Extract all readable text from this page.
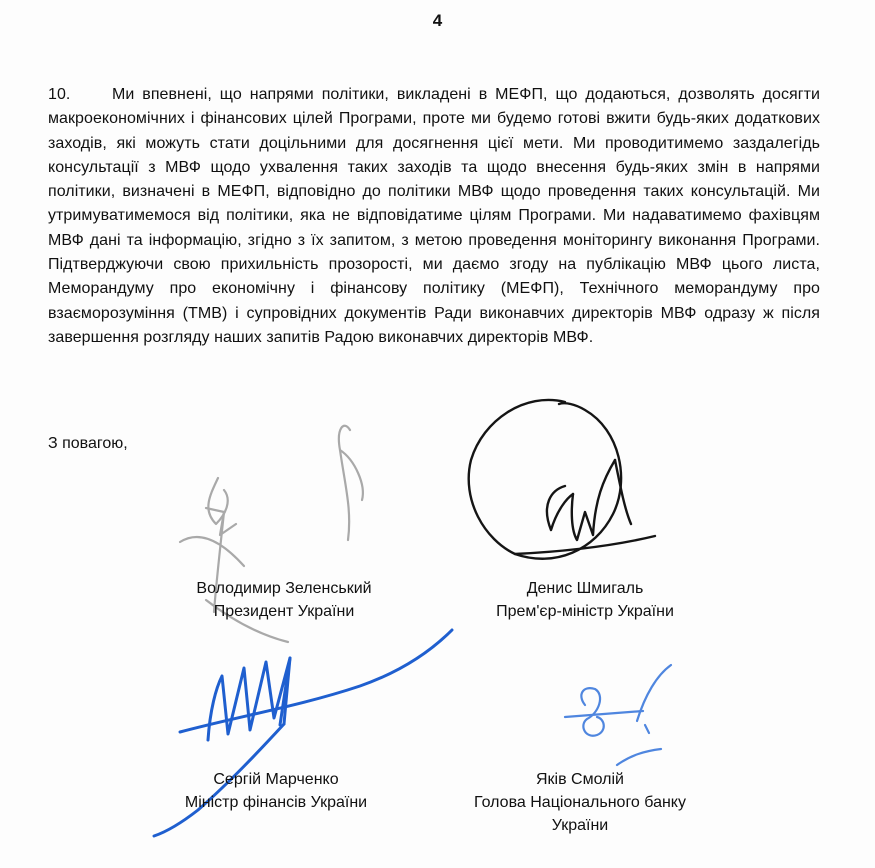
4
10.	Ми впевнені, що напрями політики, викладені в МЕФП, що додаються, дозволять досягти макроекономічних і фінансових цілей Програми, проте ми будемо готові вжити будь-яких додаткових заходів, які можуть стати доцільними для досягнення цієї мети. Ми проводитимемо заздалегідь консультації з МВФ щодо ухвалення таких заходів та щодо внесення будь-яких змін в напрями політики, визначені в МЕФП, відповідно до політики МВФ щодо проведення таких консультацій. Ми утримуватимемося від політики, яка не відповідатиме цілям Програми. Ми надаватимемо фахівцям МВФ дані та інформацію, згідно з їх запитом, з метою проведення моніторингу виконання Програми. Підтверджуючи свою прихильність прозорості, ми даємо згоду на публікацію МВФ цього листа, Меморандуму про економічну і фінансову політику (МЕФП), Технічного меморандуму про взаєморозуміння (ТМВ) і супровідних документів Ради виконавчих директорів МВФ одразу ж після завершення розгляду наших запитів Радою виконавчих директорів МВФ.
З повагою,
Володимир Зеленський
Президент України
Денис Шмигаль
Прем'єр-міністр України
Сергій Марченко
Міністр фінансів України
Якiв Смолій
Голова Національного банку
України
